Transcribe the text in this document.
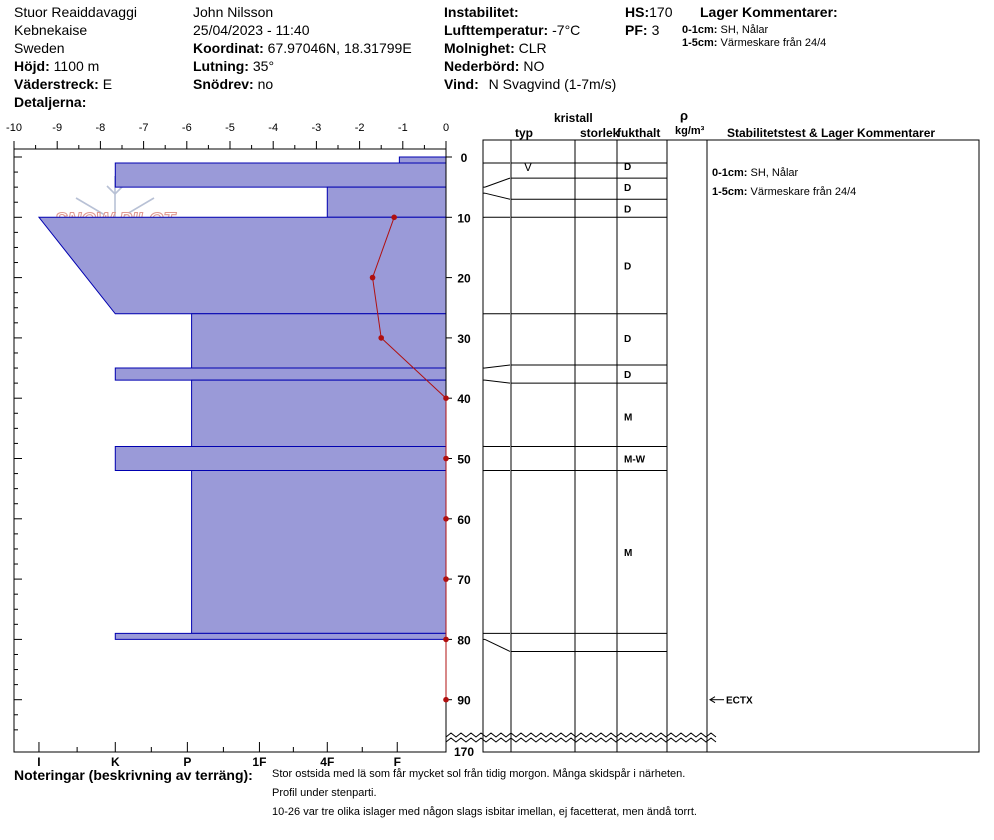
Stuor Reaiddavaggi
Kebnekaise
Sweden
Höjd: 1100 m
Väderstreck: E
Detaljerna:
John Nilsson
25/04/2023 - 11:40
Koordinat: 67.97046N, 18.31799E
Lutning: 35°
Snödrev: no
Instabilitet:
Lufttemperatur: -7°C
Molnighet: CLR
Nederbörd: NO
Vind: N Svagvind (1-7m/s)
HS:170
PF: 3
Lager Kommentarer:
0-1cm: SH, Nålar
1-5cm: Värmeskare från 24/4
kristall
typ	storlek
fukthalt
ρ
kg/m³ Stabilitetstest & Lager Kommentarer
-10	-9	-8	-7	-6	-5	-4	-3	-2	-1	0
0
10
20
30
40
50
60
70
80
90
170
I	K	P	1F	4F	F
D
D
D
D
D
D
M
M-W
M
V
ECTX
0-1cm: SH, Nålar
1-5cm: Värmeskare från 24/4
Noteringar (beskrivning av terräng): Stor ostsida med lä som får mycket sol från tidig morgon. Många skidspår i närheten.
Profil under stenparti.
10-26 var tre olika islager med någon slags isbitar imellan, ej facetterat, men ändå torrt.
